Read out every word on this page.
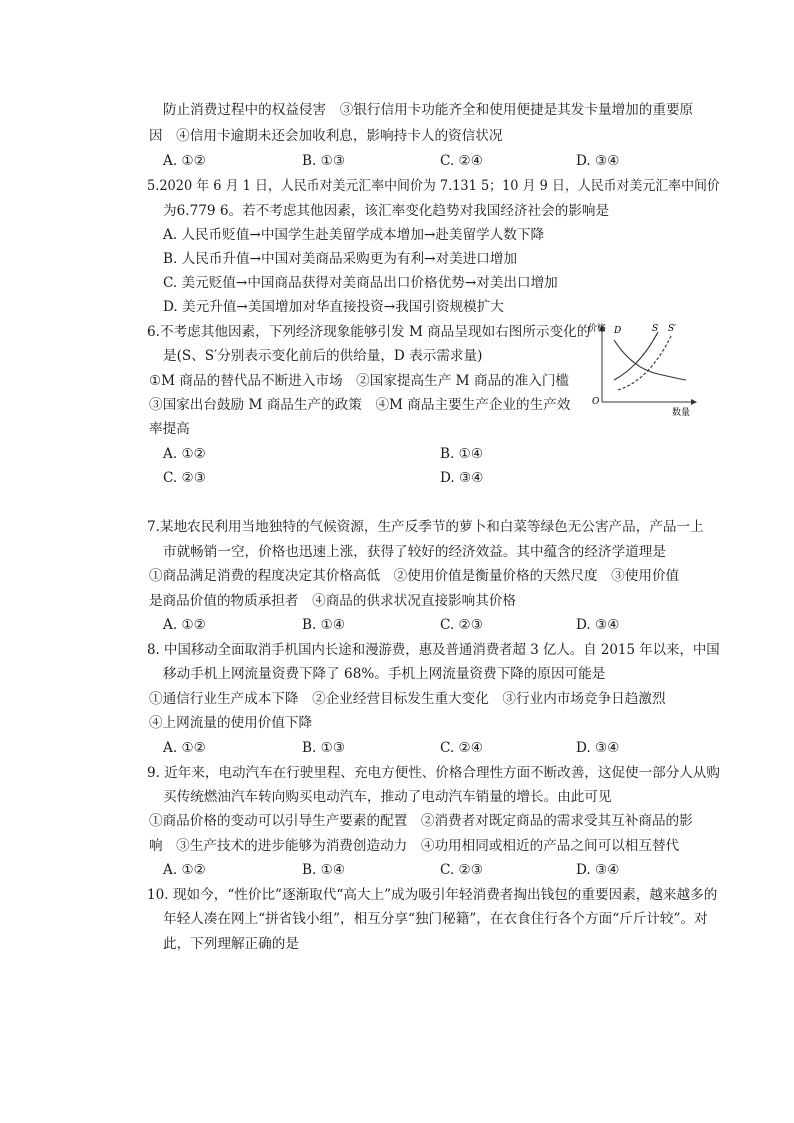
防止消费过程中的权益侵害　③银行信用卡功能齐全和使用便捷是其发卡量增加的重要原
因　④信用卡逾期未还会加收利息，影响持卡人的资信状况
A. ①②	B. ①③	C. ②④	D. ③④
5.2020 年 6 月 1 日，人民币对美元汇率中间价为 7.131 5；10 月 9 日，人民币对美元汇率中间价
为6.779 6。若不考虑其他因素，该汇率变化趋势对我国经济社会的影响是
A. 人民币贬值→中国学生赴美留学成本增加→赴美留学人数下降
B. 人民币升值→中国对美商品采购更为有利→对美进口增加
C. 美元贬值→中国商品获得对美商品出口价格优势→对美出口增加
D. 美元升值→美国增加对华直接投资→我国引资规模扩大
6.不考虑其他因素，下列经济现象能够引发 M 商品呈现如右图所示变化的
是(S、S′分别表示变化前后的供给量，D 表示需求量)
①M 商品的替代品不断进入市场　②国家提高生产 M 商品的准入门槛
③国家出台鼓励 M 商品生产的政策　④M 商品主要生产企业的生产效
率提高
A. ①②	B. ①④
C. ②③	D. ③④
价格
O
数量
D	S S′
7.某地农民利用当地独特的气候资源，生产反季节的萝卜和白菜等绿色无公害产品，产品一上
市就畅销一空，价格也迅速上涨，获得了较好的经济效益。其中蕴含的经济学道理是
①商品满足消费的程度决定其价格高低　②使用价值是衡量价格的天然尺度　③使用价值
是商品价值的物质承担者　④商品的供求状况直接影响其价格
A. ①②	B. ①④	C. ②③	D. ③④
8. 中国移动全面取消手机国内长途和漫游费，惠及普通消费者超 3 亿人。自 2015 年以来，中国
移动手机上网流量资费下降了 68%。手机上网流量资费下降的原因可能是
①通信行业生产成本下降　②企业经营目标发生重大变化　③行业内市场竞争日趋激烈
④上网流量的使用价值下降
A. ①②	B. ①③	C. ②④	D. ③④
9. 近年来，电动汽车在行驶里程、充电方便性、价格合理性方面不断改善，这促使一部分人从购
买传统燃油汽车转向购买电动汽车，推动了电动汽车销量的增长。由此可见
①商品价格的变动可以引导生产要素的配置　②消费者对既定商品的需求受其互补商品的影
响　③生产技术的进步能够为消费创造动力　④功用相同或相近的产品之间可以相互替代
A. ①②	B. ①④	C. ②③	D. ③④
10. 现如今，“性价比”逐渐取代“高大上”成为吸引年轻消费者掏出钱包的重要因素，越来越多的
年轻人凑在网上“拼省钱小组”，相互分享“独门秘籍”，在衣食住行各个方面“斤斤计较”。对
此，下列理解正确的是
